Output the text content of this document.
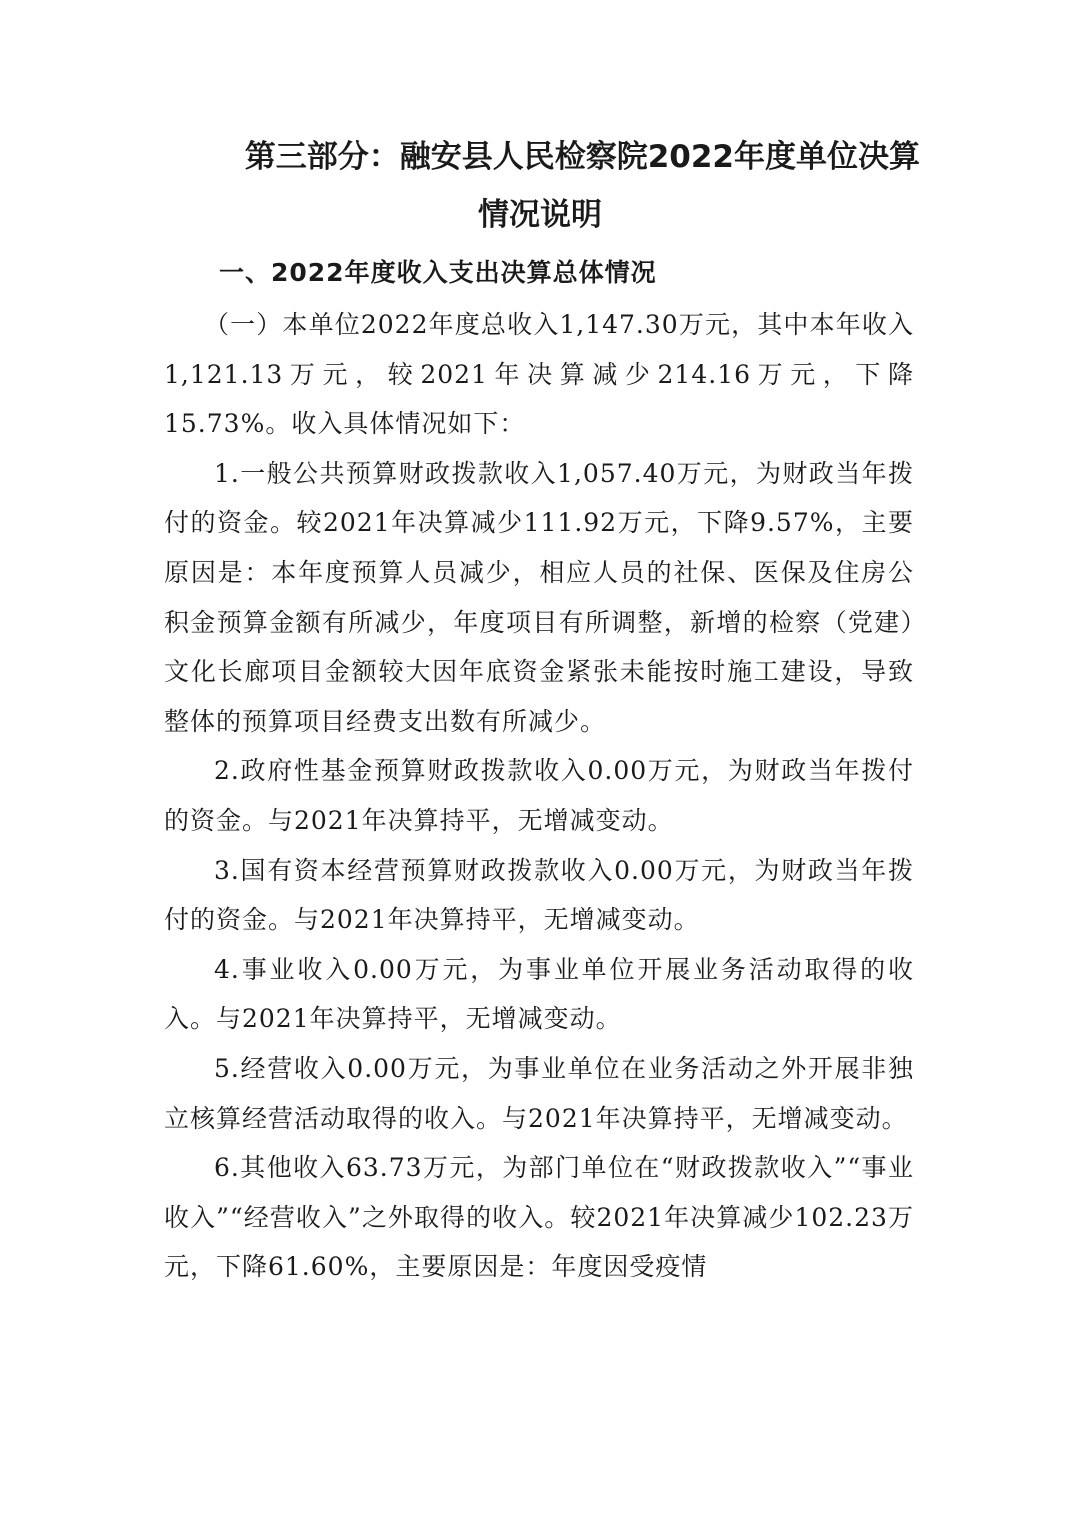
第三部分：融安县人民检察院2022年度单位决算
情况说明
一、2022年度收入支出决算总体情况

（一）本单位2022年度总收入1,147.30万元，其中本年收入1,121.13万元，较2021年决算减少214.16万元，下降15.73%。收入具体情况如下：

1.一般公共预算财政拨款收入1,057.40万元，为财政当年拨付的资金。较2021年决算减少111.92万元，下降9.57%，主要原因是：本年度预算人员减少，相应人员的社保、医保及住房公积金预算金额有所减少，年度项目有所调整，新增的检察（党建）文化长廊项目金额较大因年底资金紧张未能按时施工建设，导致整体的预算项目经费支出数有所减少。

2.政府性基金预算财政拨款收入0.00万元，为财政当年拨付的资金。与2021年决算持平，无增减变动。

3.国有资本经营预算财政拨款收入0.00万元，为财政当年拨付的资金。与2021年决算持平，无增减变动。

4.事业收入0.00万元，为事业单位开展业务活动取得的收入。与2021年决算持平，无增减变动。

5.经营收入0.00万元，为事业单位在业务活动之外开展非独立核算经营活动取得的收入。与2021年决算持平，无增减变动。

6.其他收入63.73万元，为部门单位在“财政拨款收入”“事业收入”“经营收入”之外取得的收入。较2021年决算减少102.23万元，下降61.60%，主要原因是：年度因受疫情
